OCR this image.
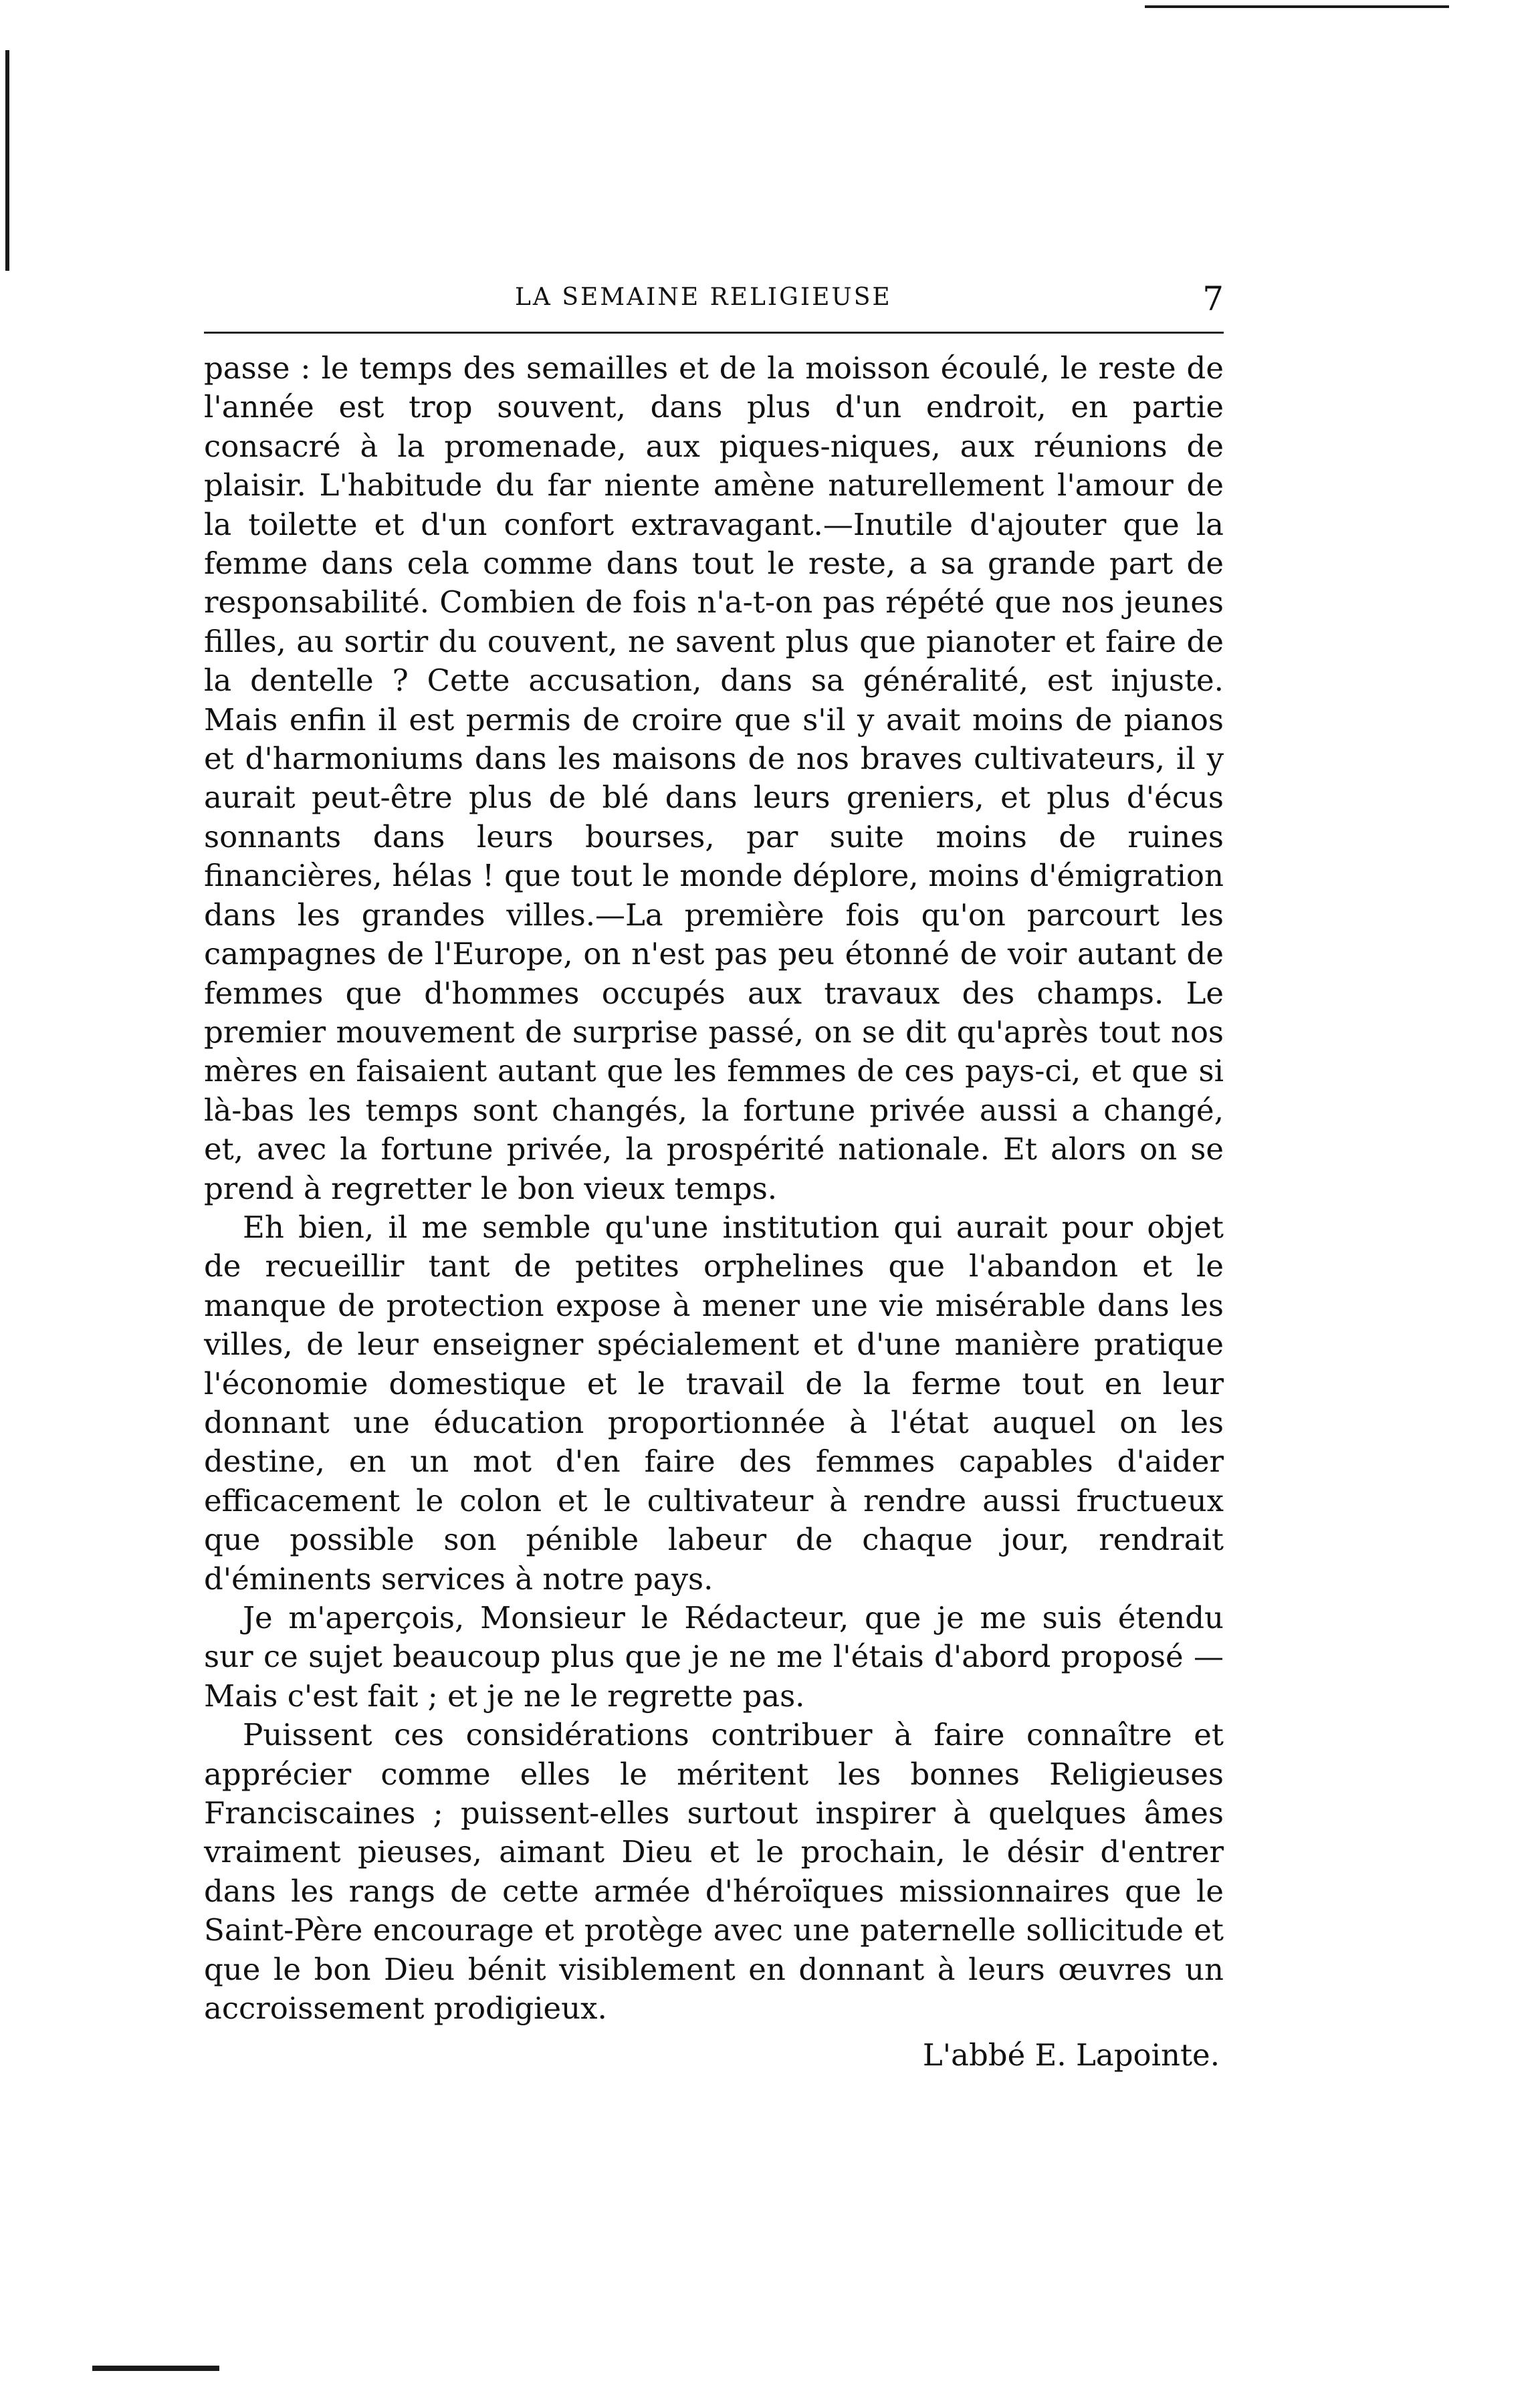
LA SEMAINE RELIGIEUSE	7

passe : le temps des semailles et de la moisson écoulé, le reste de l'année est trop souvent, dans plus d'un endroit, en partie consacré à la promenade, aux piques-niques, aux réunions de plaisir. L'habitude du far niente amène naturellement l'amour de la toilette et d'un confort extravagant.—Inutile d'ajouter que la femme dans cela comme dans tout le reste, a sa grande part de responsabilité. Combien de fois n'a-t-on pas répété que nos jeunes filles, au sortir du couvent, ne savent plus que pianoter et faire de la dentelle ? Cette accusation, dans sa généralité, est injuste. Mais enfin il est permis de croire que s'il y avait moins de pianos et d'harmoniums dans les maisons de nos braves cultivateurs, il y aurait peut-être plus de blé dans leurs greniers, et plus d'écus sonnants dans leurs bourses, par suite moins de ruines financières, hélas ! que tout le monde déplore, moins d'émigration dans les grandes villes.—La première fois qu'on parcourt les campagnes de l'Europe, on n'est pas peu étonné de voir autant de femmes que d'hommes occupés aux travaux des champs. Le premier mouvement de surprise passé, on se dit qu'après tout nos mères en faisaient autant que les femmes de ces pays-ci, et que si là-bas les temps sont changés, la fortune privée aussi a changé, et, avec la fortune privée, la prospérité nationale. Et alors on se prend à regretter le bon vieux temps.

Eh bien, il me semble qu'une institution qui aurait pour objet de recueillir tant de petites orphelines que l'abandon et le manque de protection expose à mener une vie misérable dans les villes, de leur enseigner spécialement et d'une manière pratique l'économie domestique et le travail de la ferme tout en leur donnant une éducation proportionnée à l'état auquel on les destine, en un mot d'en faire des femmes capables d'aider efficacement le colon et le cultivateur à rendre aussi fructueux que possible son pénible labeur de chaque jour, rendrait d'éminents services à notre pays.

Je m'aperçois, Monsieur le Rédacteur, que je me suis étendu sur ce sujet beaucoup plus que je ne me l'étais d'abord proposé — Mais c'est fait ; et je ne le regrette pas.

Puissent ces considérations contribuer à faire connaître et apprécier comme elles le méritent les bonnes Religieuses Franciscaines ; puissent-elles surtout inspirer à quelques âmes vraiment pieuses, aimant Dieu et le prochain, le désir d'entrer dans les rangs de cette armée d'héroïques missionnaires que le Saint-Père encourage et protège avec une paternelle sollicitude et que le bon Dieu bénit visiblement en donnant à leurs œuvres un accroissement prodigieux.

L'abbé E. Lapointe.
